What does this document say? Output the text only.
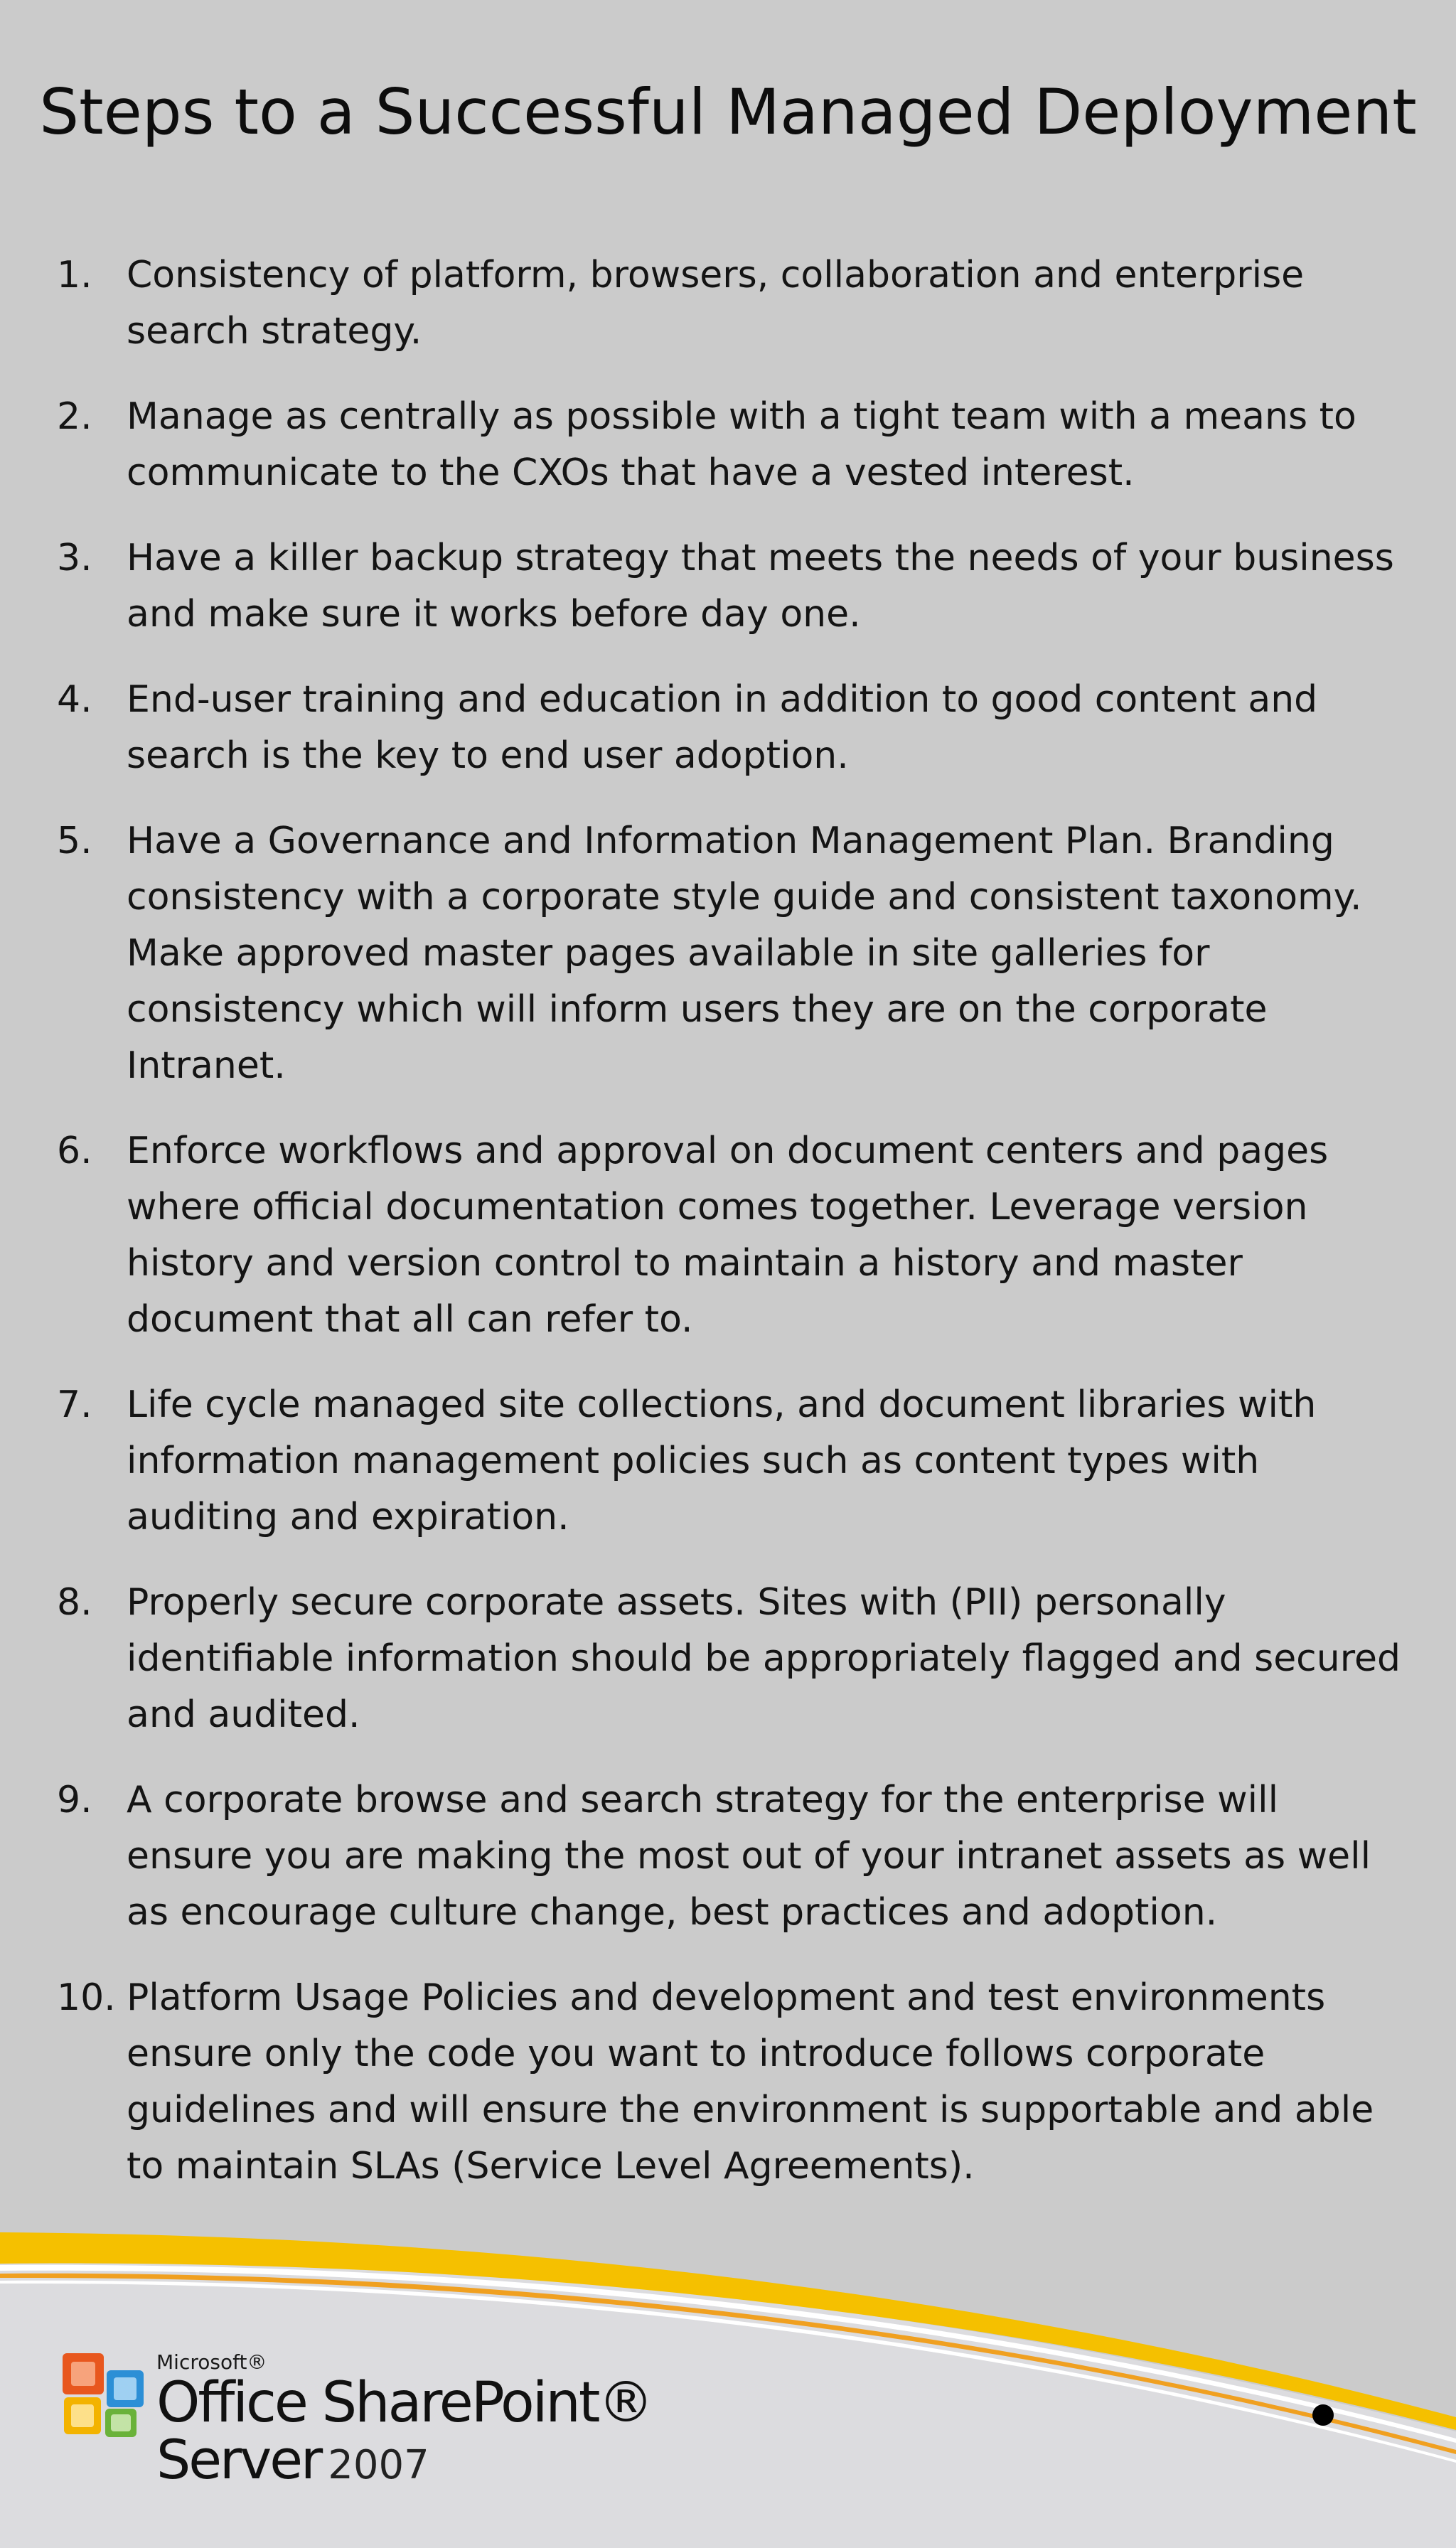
Steps to a Successful Managed Deployment
1. Consistency of platform, browsers, collaboration and enterprise search strategy.
2. Manage as centrally as possible with a tight team with a means to communicate to the CXOs that have a vested interest.
3. Have a killer backup strategy that meets the needs of your business and make sure it works before day one.
4. End-user training and education in addition to good content and search is the key to end user adoption.
5. Have a Governance and Information Management Plan. Branding consistency with a corporate style guide and consistent taxonomy. Make approved master pages available in site galleries for consistency which will inform users they are on the corporate Intranet.
6. Enforce workflows and approval on document centers and pages where official documentation comes together. Leverage version history and version control to maintain a history and master document that all can refer to.
7. Life cycle managed site collections, and document libraries with information management policies such as content types with auditing and expiration.
8. Properly secure corporate assets. Sites with (PII) personally identifiable information should be appropriately flagged and secured and audited.
9. A corporate browse and search strategy for the enterprise will ensure you are making the most out of your intranet assets as well as encourage culture change, best practices and adoption.
10. Platform Usage Policies and development and test environments ensure only the code you want to introduce follows corporate guidelines and will ensure the environment is supportable and able to maintain SLAs (Service Level Agreements).
Microsoft®
Office SharePoint®
Server 2007
